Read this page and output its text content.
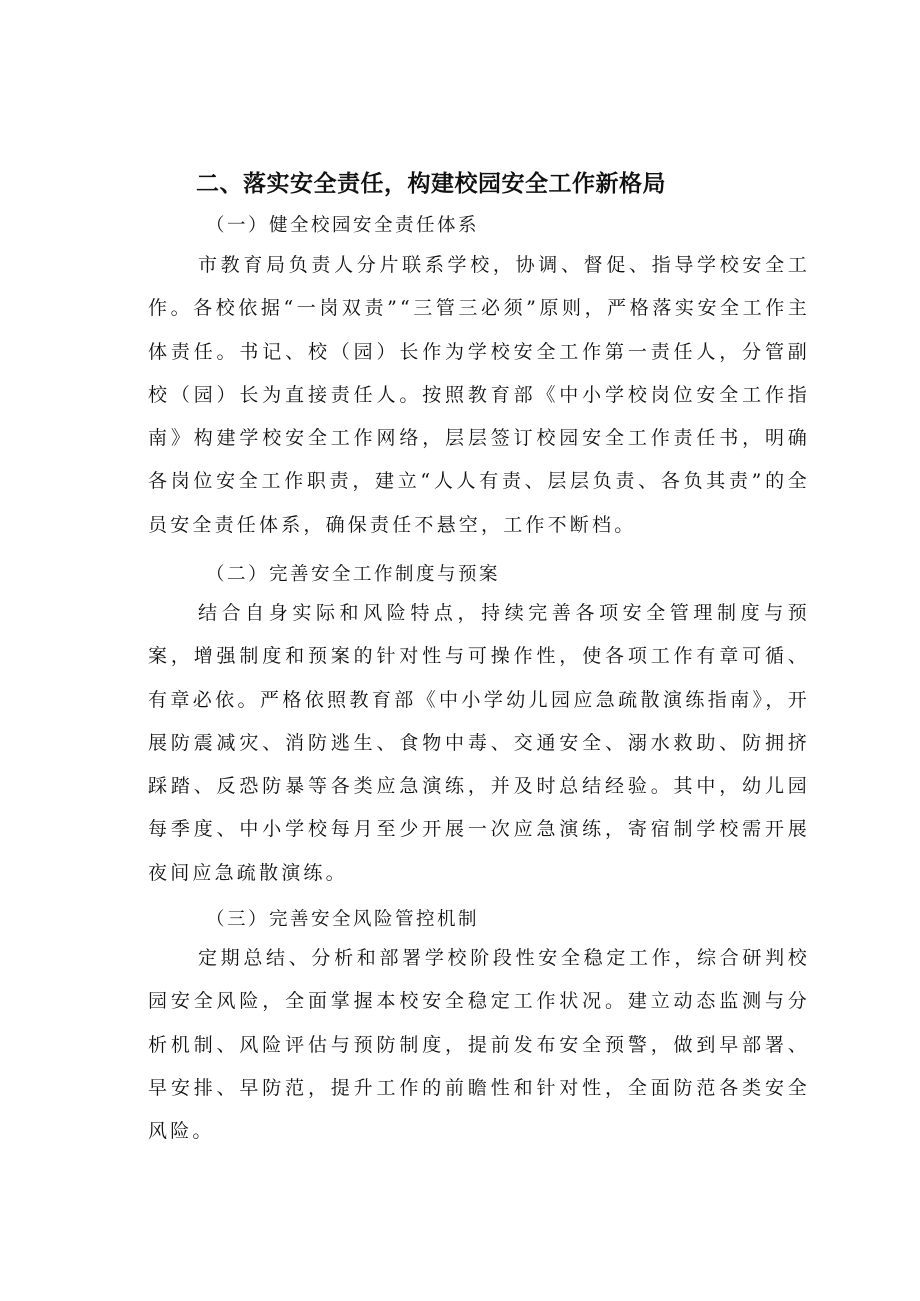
二、落实安全责任，构建校园安全工作新格局
（一）健全校园安全责任体系

市教育局负责人分片联系学校，协调、督促、指导学校安全工作。各校依据“一岗双责”“三管三必须”原则，严格落实安全工作主体责任。书记、校（园）长作为学校安全工作第一责任人，分管副校（园）长为直接责任人。按照教育部《中小学校岗位安全工作指南》构建学校安全工作网络，层层签订校园安全工作责任书，明确各岗位安全工作职责，建立“人人有责、层层负责、各负其责”的全员安全责任体系，确保责任不悬空，工作不断档。

（二）完善安全工作制度与预案

结合自身实际和风险特点，持续完善各项安全管理制度与预案，增强制度和预案的针对性与可操作性，使各项工作有章可循、有章必依。严格依照教育部《中小学幼儿园应急疏散演练指南》，开展防震减灾、消防逃生、食物中毒、交通安全、溺水救助、防拥挤踩踏、反恐防暴等各类应急演练，并及时总结经验。其中，幼儿园每季度、中小学校每月至少开展一次应急演练，寄宿制学校需开展夜间应急疏散演练。

（三）完善安全风险管控机制

定期总结、分析和部署学校阶段性安全稳定工作，综合研判校园安全风险，全面掌握本校安全稳定工作状况。建立动态监测与分析机制、风险评估与预防制度，提前发布安全预警，做到早部署、早安排、早防范，提升工作的前瞻性和针对性，全面防范各类安全风险。
